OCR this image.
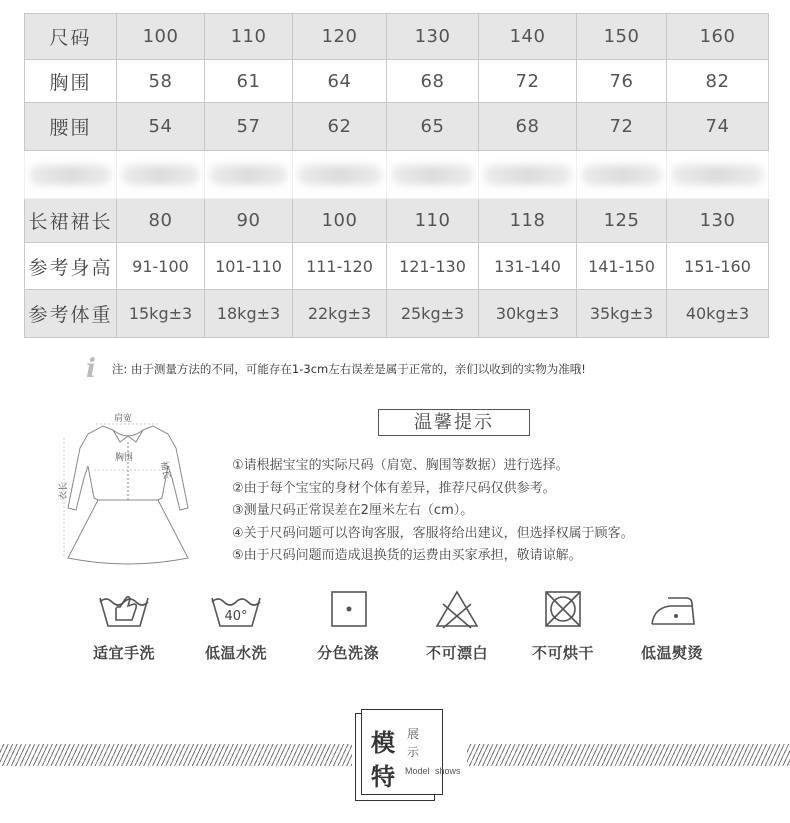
尺码	100	110	120	130	140	150	160
胸围	58	61	64	68	72	76	82
腰围	54	57	62	65	68	72	74

长裙裙长	80	90	100	110	118	125	130
参考身高	91-100	101-110	111-120	121-130	131-140	141-150	151-160
参考体重	15kg±3	18kg±3	22kg±3	25kg±3	30kg±3	35kg±3	40kg±3
i 注: 由于测量方法的不同，可能存在1-3cm左右误差是属于正常的，亲们以收到的实物为准哦!
肩宽
胸围
袖长
衣长
温馨提示
①请根据宝宝的实际尺码（肩宽、胸围等数据）进行选择。
②由于每个宝宝的身材个体有差异，推荐尺码仅供参考。
③测量尺码正常误差在2厘米左右（cm）。
④关于尺码问题可以咨询客服，客服将给出建议，但选择权属于顾客。
⑤由于尺码问题而造成退换货的运费由买家承担，敬请谅解。
适宜手洗
40°
低温水洗	分色洗涤	不可漂白	不可烘干	低温熨烫
模
特
展
示
Model shows
